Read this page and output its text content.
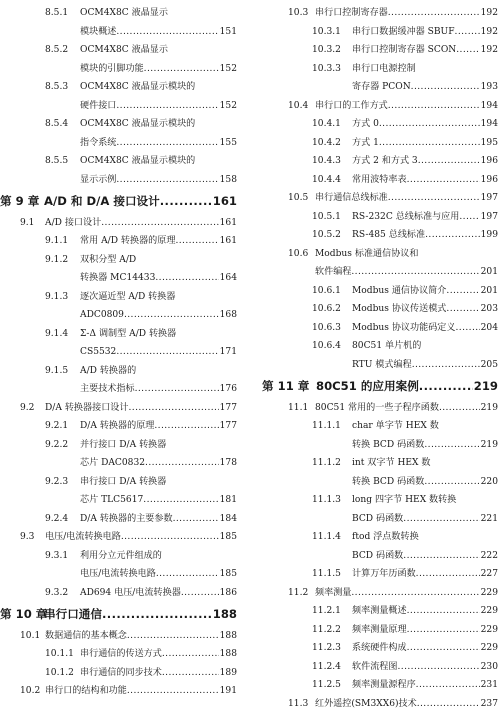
8.5.1 OCM4X8C 液晶显示
模块概述 .....	151
8.5.2 OCM4X8C 液晶显示
模块的引脚功能 .....	152
8.5.3 OCM4X8C 液晶显示模块的
硬件接口 .....	152
8.5.4 OCM4X8C 液晶显示模块的
指令系统 .....	155
8.5.5 OCM4X8C 液晶显示模块的
显示示例 .....	158
第 9 章 A/D 和 D/A 接口设计 .....	161
9.1 A/D 接口设计 .....	161
9.1.1 常用 A/D 转换器的原理 .....	161
9.1.2 双积分型 A/D
转换器 MC14433 .....	164
9.1.3 逐次逼近型 A/D 转换器
ADC0809 .....	168
9.1.4 Σ-Δ 调制型 A/D 转换器
CS5532 .....	171
9.1.5 A/D 转换器的
主要技术指标 .....	176
9.2 D/A 转换器接口设计 .....	177
9.2.1 D/A 转换器的原理 .....	177
9.2.2 并行接口 D/A 转换器
芯片 DAC0832 .....	178
9.2.3 串行接口 D/A 转换器
芯片 TLC5617 .....	181
9.2.4 D/A 转换器的主要参数 .....	184
9.3 电压/电流转换电路 .....	185
9.3.1 利用分立元件组成的
电压/电流转换电路 .....	185
9.3.2 AD694 电压/电流转换器 .....	186
第 10 章
串行口通信 .....	188
10.1 数据通信的基本概念 .....	188
10.1.1 串行通信的传送方式 .....	188
10.1.2 串行通信的同步技术 .....	189
10.2 串行口的结构和功能 .....	191
10.3 串行口控制寄存器 .....	192
10.3.1 串行口数据缓冲器 SBUF .....	192
10.3.2 串行口控制寄存器 SCON .....	192
10.3.3 串行口电源控制
寄存器 PCON .....	193
10.4 串行口的工作方式 .....	194
10.4.1 方式 0 .....	194
10.4.2 方式 1 .....	195
10.4.3 方式 2 和方式 3 .....	196
10.4.4 常用波特率表 .....	196
10.5 串行通信总线标准 .....	197
10.5.1 RS-232C 总线标准与应用 ..... 197
10.5.2 RS-485 总线标准 .....	199
10.6 Modbus 标准通信协议和
软件编程 .....	201
10.6.1 Modbus 通信协议简介 .....	201
10.6.2 Modbus 协议传送模式 .....	203
10.6.3 Modbus 协议功能码定义 .....	204
10.6.4 80C51 单片机的
RTU 模式编程 .....	205
第 11 章 80C51 的应用案例 .....	219
11.1 80C51 常用的一些子程序函数 .....	219
11.1.1 char 单字节 HEX 数
转换 BCD 码函数 .....	219
11.1.2 int 双字节 HEX 数
转换 BCD 码函数 .....	220
11.1.3 long 四字节 HEX 数转换
BCD 码函数 .....	221
11.1.4 ftod 浮点数转换
BCD 码函数 .....	222
11.1.5 计算万年历函数 .....	227
11.2 频率测量 .....	229
11.2.1 频率测量概述 .....	229
11.2.2 频率测量原理 .....	229
11.2.3 系统硬件构成 .....	229
11.2.4 软件流程图 .....	230
11.2.5 频率测量源程序 .....	231
11.3 红外遥控(SM3XX6)技术 .....	237
